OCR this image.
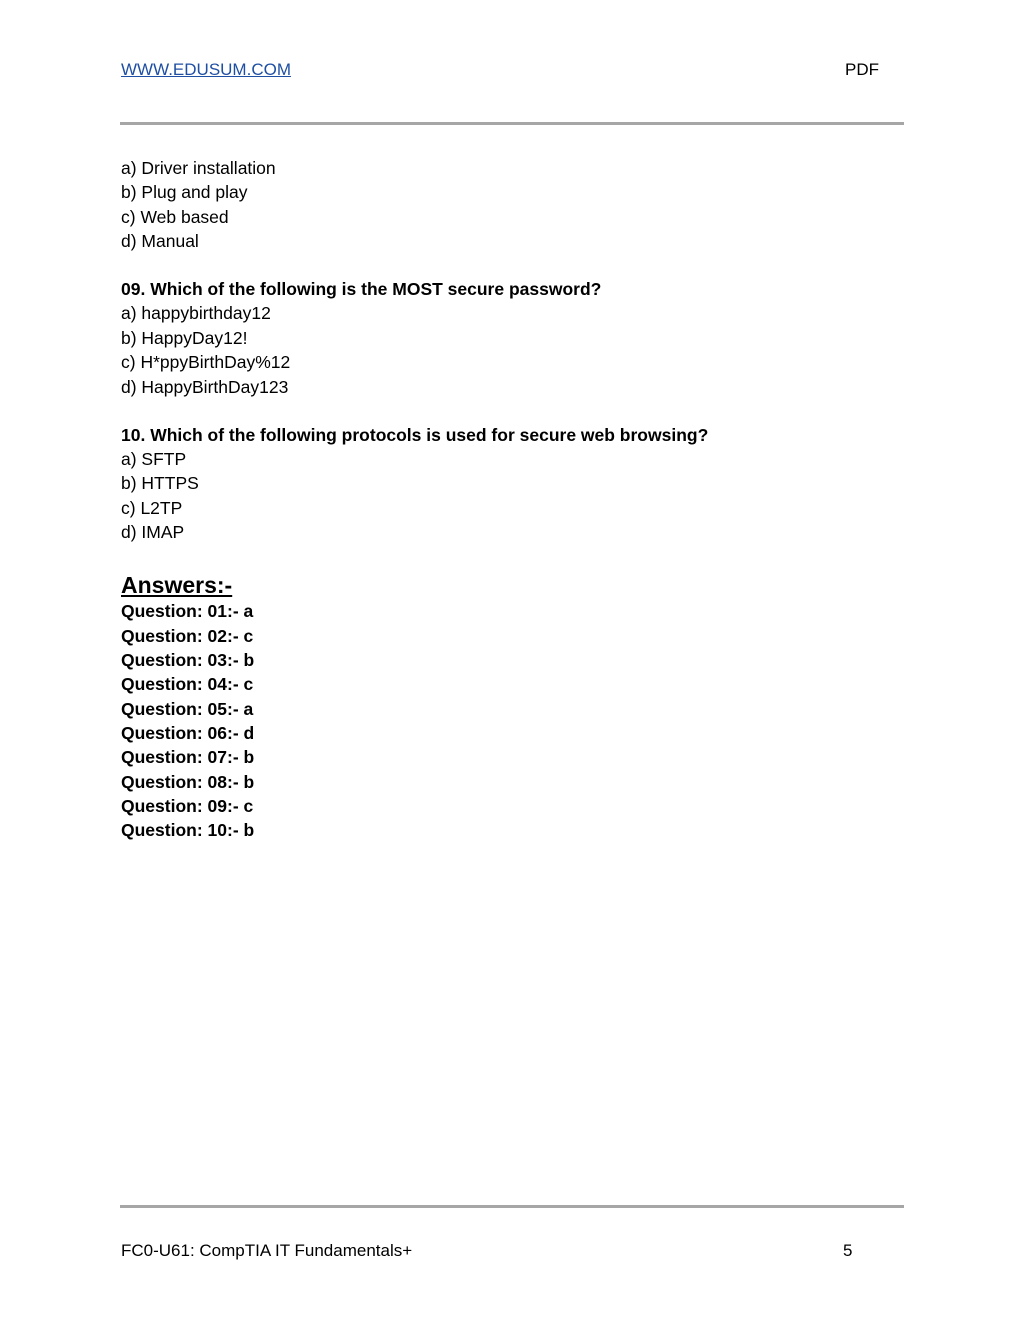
WWW.EDUSUM.COM	PDF
a) Driver installation
b) Plug and play
c) Web based
d) Manual
09. Which of the following is the MOST secure password?
a) happybirthday12
b) HappyDay12!
c) H*ppyBirthDay%12
d) HappyBirthDay123
10. Which of the following protocols is used for secure web browsing?
a) SFTP
b) HTTPS
c) L2TP
d) IMAP
Answers:-
Question: 01:- a
Question: 02:- c
Question: 03:- b
Question: 04:- c
Question: 05:- a
Question: 06:- d
Question: 07:- b
Question: 08:- b
Question: 09:- c
Question: 10:- b
FC0-U61: CompTIA IT Fundamentals+	5
